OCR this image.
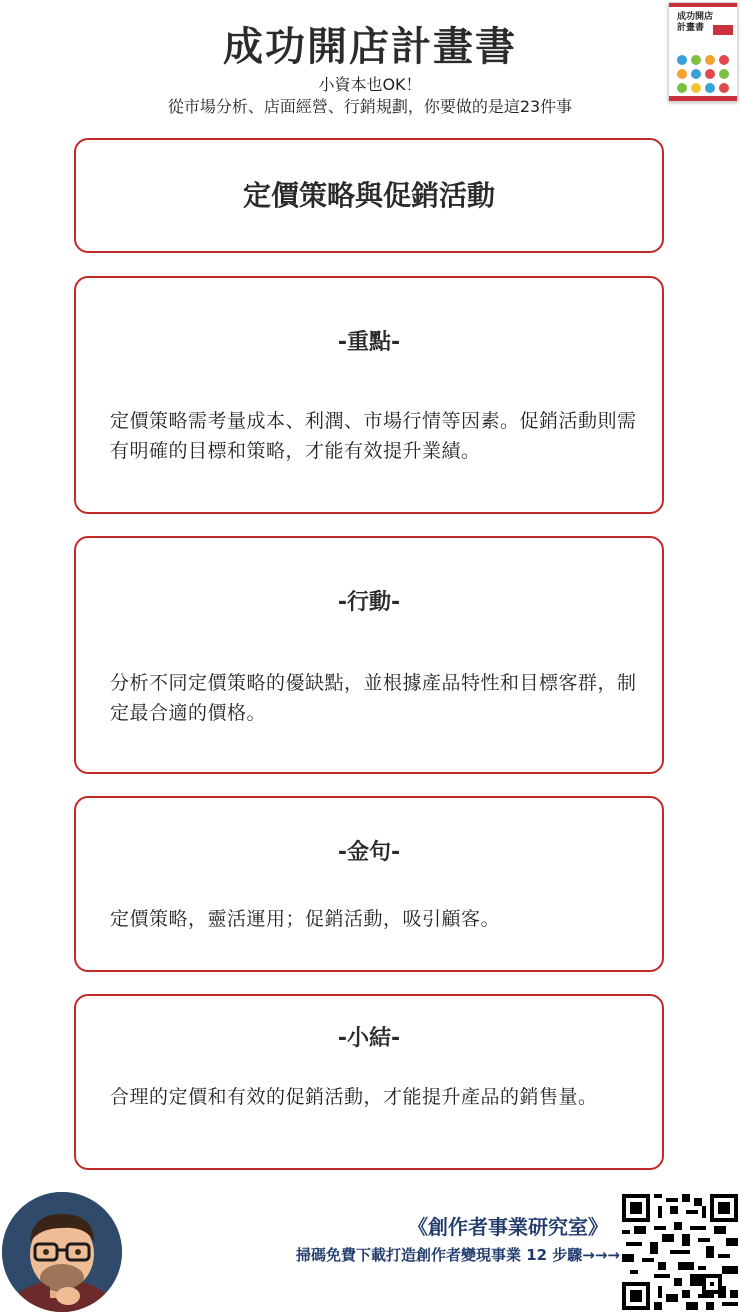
成功開店計畫書
小資本也OK！
從市場分析、店面經營、行銷規劃，你要做的是這23件事
成功開店
計畫書
定價策略與促銷活動
-重點-
定價策略需考量成本、利潤、市場行情等因素。促銷活動則需有明確的目標和策略，才能有效提升業績。
-行動-
分析不同定價策略的優缺點，並根據產品特性和目標客群，制定最合適的價格。
-金句-
定價策略，靈活運用；促銷活動，吸引顧客。
-小結-
合理的定價和有效的促銷活動，才能提升產品的銷售量。
《創作者事業研究室》
掃碼免費下載打造創作者變現事業 12 步驟→→→
